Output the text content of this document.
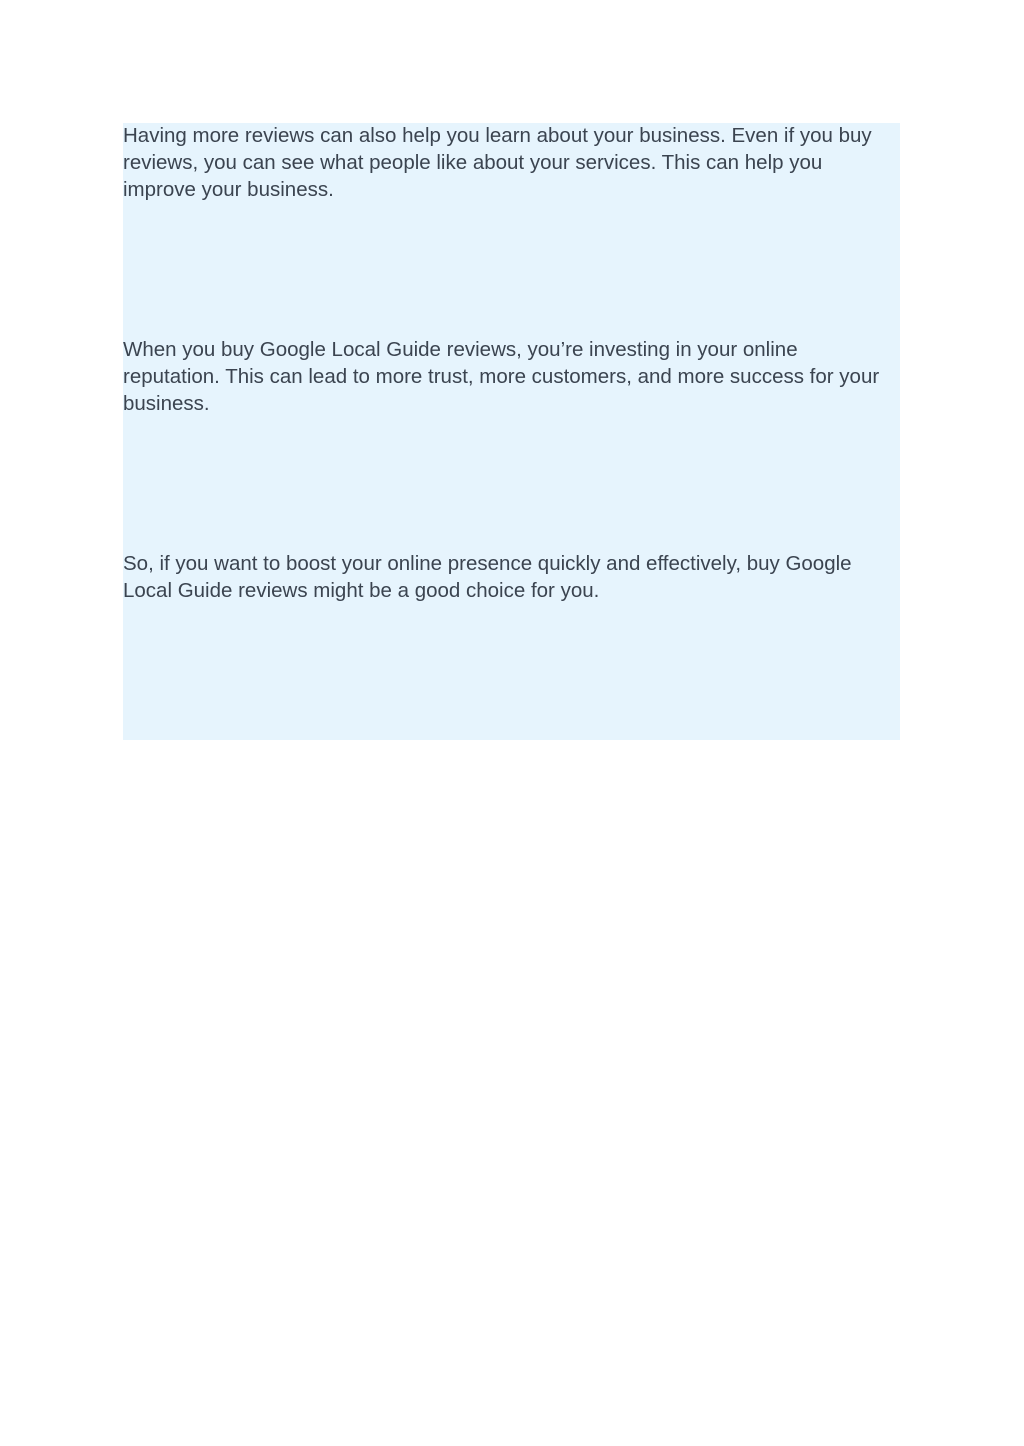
Having more reviews can also help you learn about your business. Even if you buy reviews, you can see what people like about your services. This can help you improve your business.

When you buy Google Local Guide reviews, you’re investing in your online reputation. This can lead to more trust, more customers, and more success for your business.

So, if you want to boost your online presence quickly and effectively, buy Google Local Guide reviews might be a good choice for you.
